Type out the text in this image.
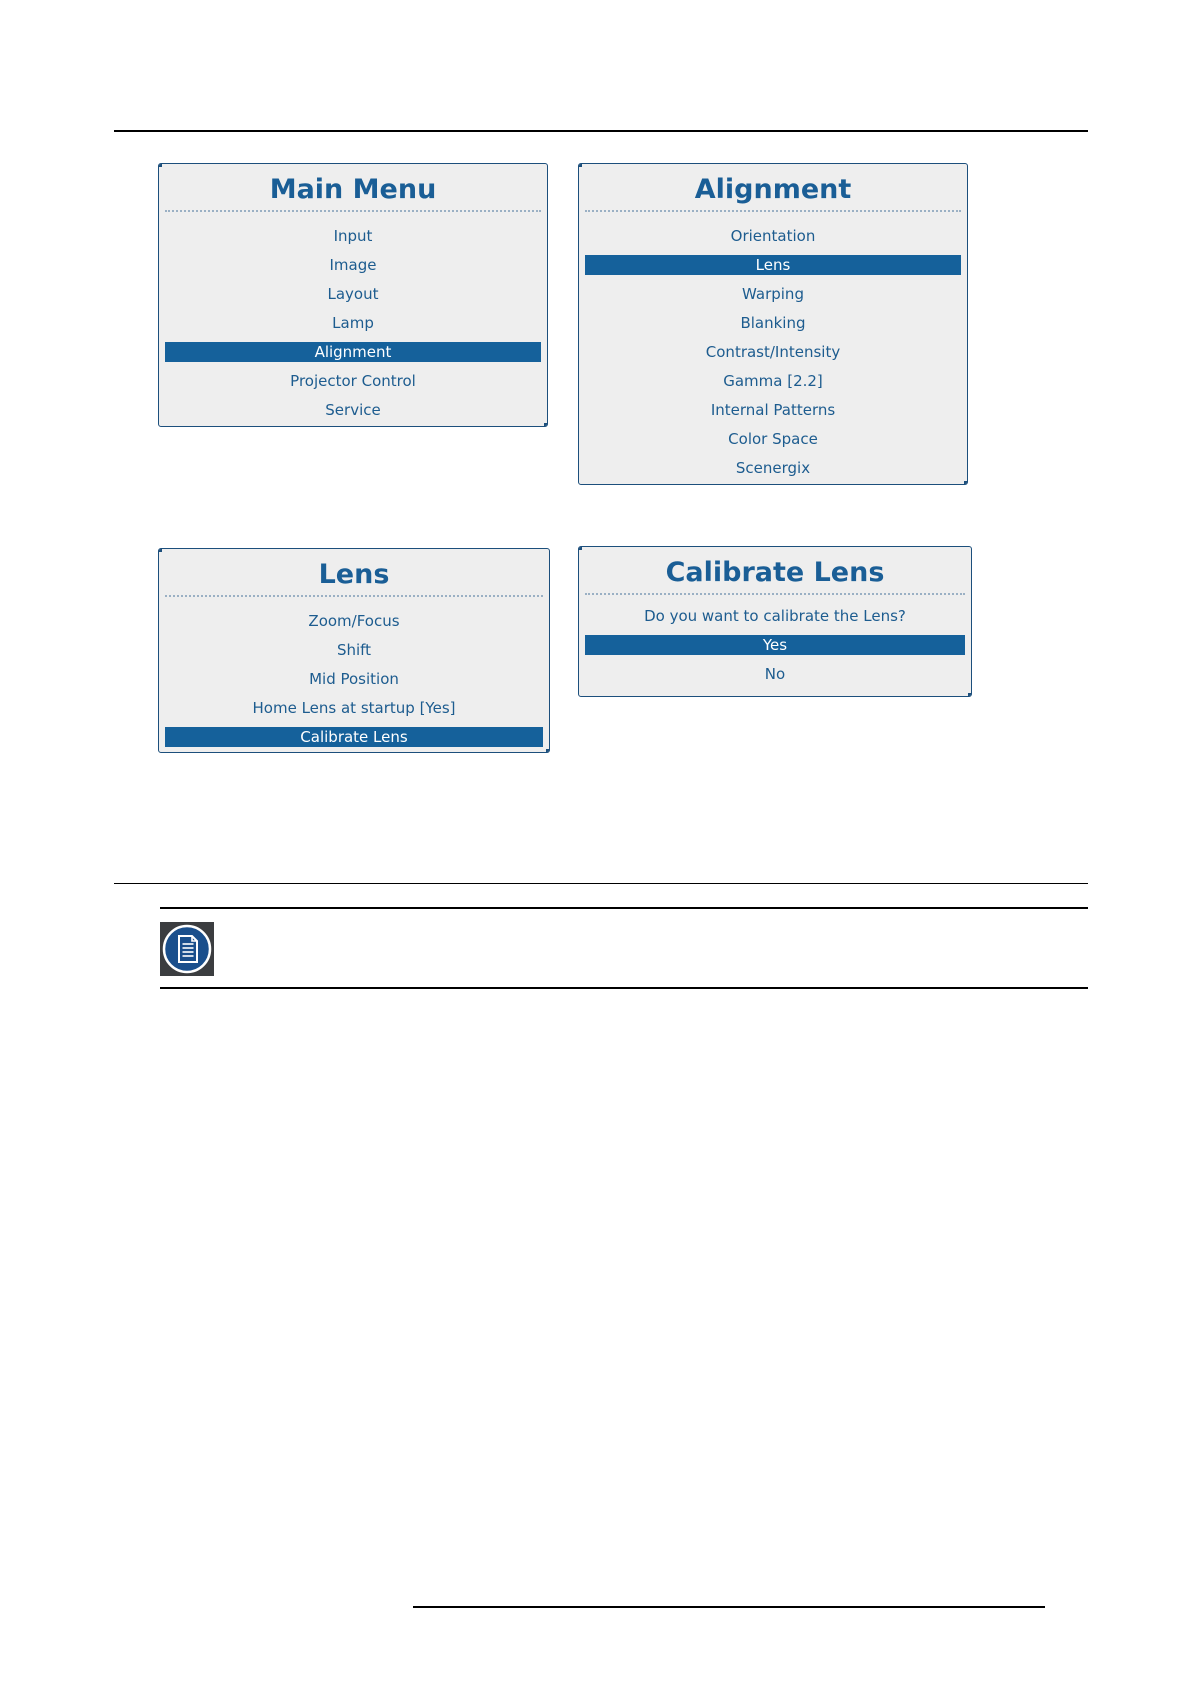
Main Menu
Input
Image
Layout
Lamp
Alignment
Projector Control
Service
Alignment
Orientation
Lens
Warping
Blanking
Contrast/Intensity
Gamma [2.2]
Internal Patterns
Color Space
Scenergix
Lens
Zoom/Focus
Shift
Mid Position
Home Lens at startup [Yes]
Calibrate Lens
Calibrate Lens
Do you want to calibrate the Lens?
Yes
No
